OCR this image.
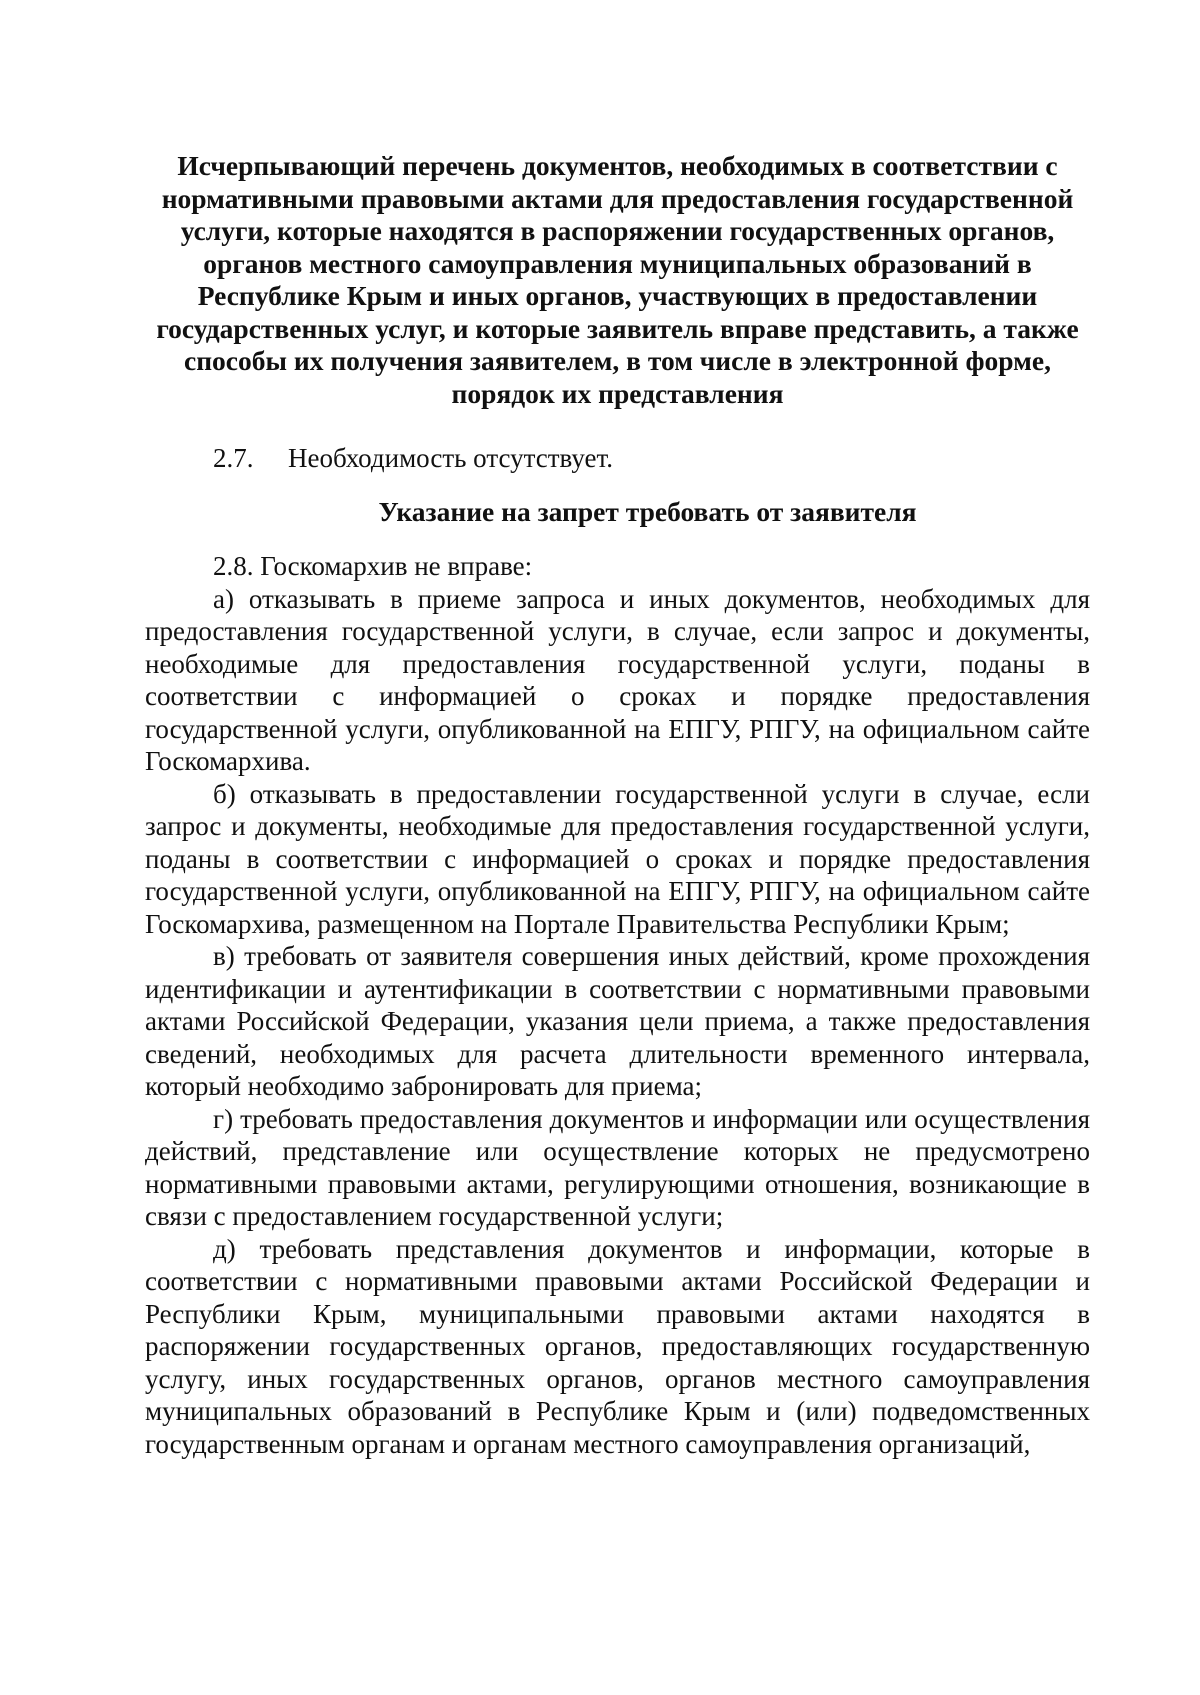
Исчерпывающий перечень документов, необходимых в соответствии с нормативными правовыми актами для предоставления государственной услуги, которые находятся в распоряжении государственных органов, органов местного самоуправления муниципальных образований в Республике Крым и иных органов, участвующих в предоставлении государственных услуг, и которые заявитель вправе представить, а также способы их получения заявителем, в том числе в электронной форме, порядок их представления

2.7. Необходимость отсутствует.

Указание на запрет требовать от заявителя

2.8. Госкомархив не вправе:

а) отказывать в приеме запроса и иных документов, необходимых для предоставления государственной услуги, в случае, если запрос и документы, необходимые для предоставления государственной услуги, поданы в соответствии с информацией о сроках и порядке предоставления государственной услуги, опубликованной на ЕПГУ, РПГУ, на официальном сайте Госкомархива.

б) отказывать в предоставлении государственной услуги в случае, если запрос и документы, необходимые для предоставления государственной услуги, поданы в соответствии с информацией о сроках и порядке предоставления государственной услуги, опубликованной на ЕПГУ, РПГУ, на официальном сайте Госкомархива, размещенном на Портале Правительства Республики Крым;

в) требовать от заявителя совершения иных действий, кроме прохождения идентификации и аутентификации в соответствии с нормативными правовыми актами Российской Федерации, указания цели приема, а также предоставления сведений, необходимых для расчета длительности временного интервала, который необходимо забронировать для приема;

г) требовать предоставления документов и информации или осуществления действий, представление или осуществление которых не предусмотрено нормативными правовыми актами, регулирующими отношения, возникающие в связи с предоставлением государственной услуги;

д) требовать представления документов и информации, которые в соответствии с нормативными правовыми актами Российской Федерации и Республики Крым, муниципальными правовыми актами находятся в распоряжении государственных органов, предоставляющих государственную услугу, иных государственных органов, органов местного самоуправления муниципальных образований в Республике Крым и (или) подведомственных государственным органам и органам местного самоуправления организаций,
